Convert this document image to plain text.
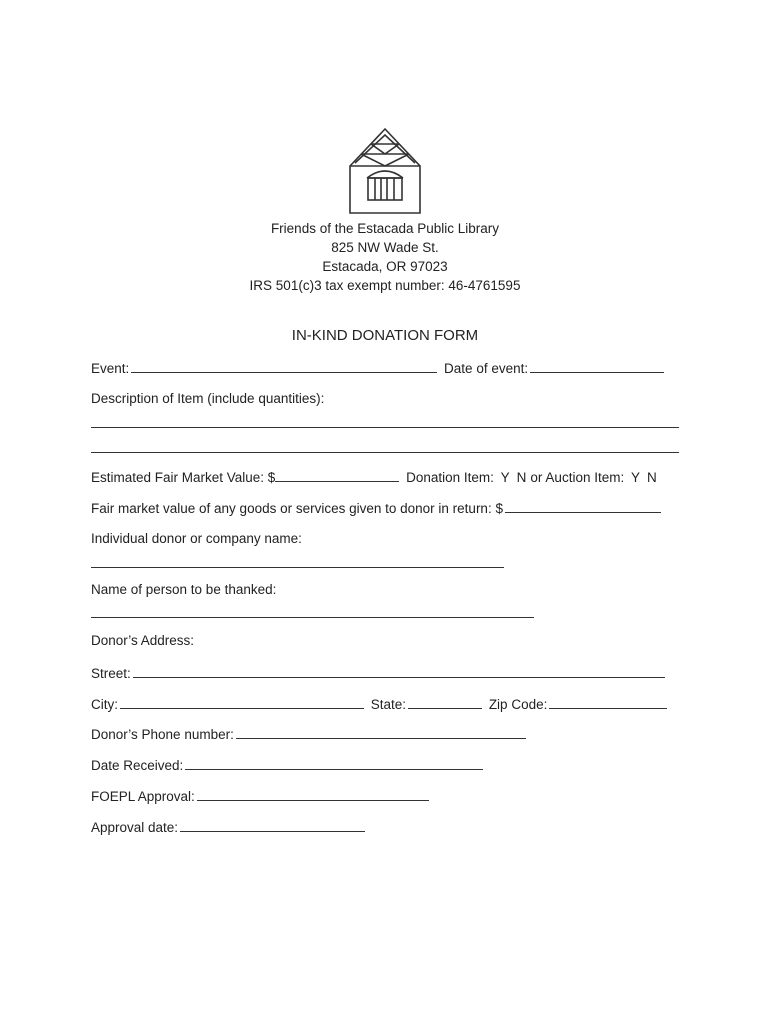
Friends of the Estacada Public Library
825 NW Wade St.
Estacada, OR 97023
IRS 501(c)3 tax exempt number: 46-4761595
IN-KIND DONATION FORM
Event:	Date of event:
Description of Item (include quantities):
Estimated Fair Market Value: $	Donation Item: Y N or Auction Item: Y N
Fair market value of any goods or services given to donor in return: $
Individual donor or company name:
Name of person to be thanked:
Donor’s Address:
Street:
City:	State:	Zip Code:
Donor’s Phone number:
Date Received:
FOEPL Approval:
Approval date:
